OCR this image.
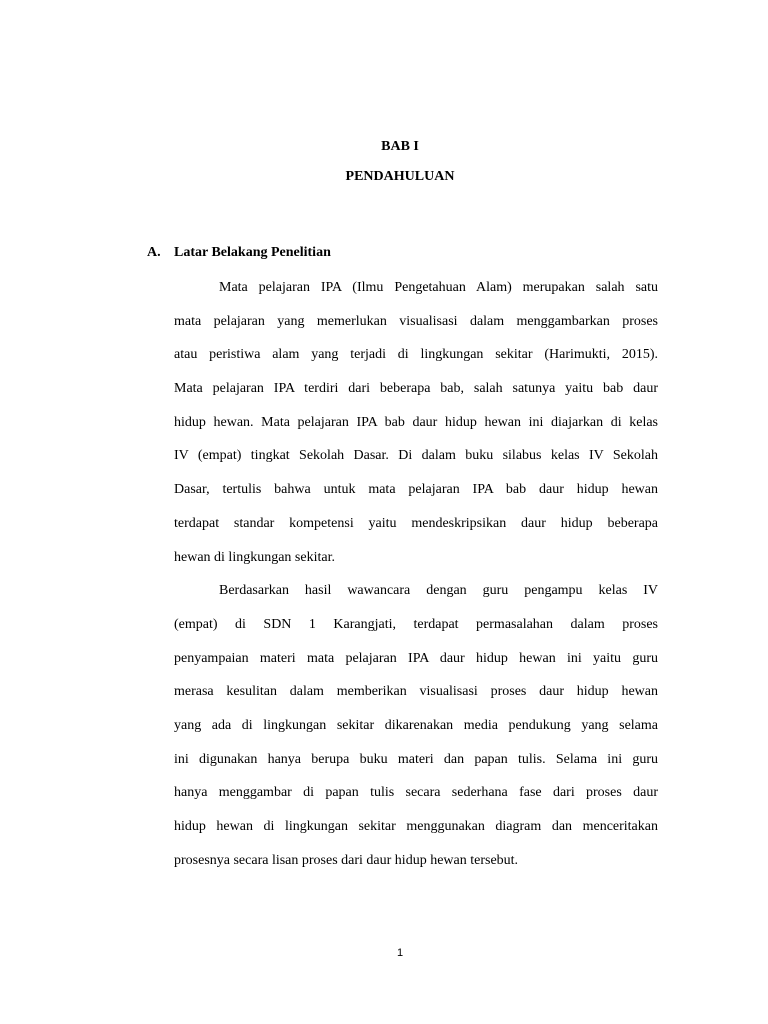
BAB I
PENDAHULUAN
A. Latar Belakang Penelitian
Mata pelajaran IPA (Ilmu Pengetahuan Alam) merupakan salah satu
mata pelajaran yang memerlukan visualisasi dalam menggambarkan proses
atau peristiwa alam yang terjadi di lingkungan sekitar (Harimukti, 2015).
Mata pelajaran IPA terdiri dari beberapa bab, salah satunya yaitu bab daur
hidup hewan. Mata pelajaran IPA bab daur hidup hewan ini diajarkan di kelas
IV (empat) tingkat Sekolah Dasar. Di dalam buku silabus kelas IV Sekolah
Dasar, tertulis bahwa untuk mata pelajaran IPA bab daur hidup hewan
terdapat standar kompetensi yaitu mendeskripsikan daur hidup beberapa
hewan di lingkungan sekitar.
Berdasarkan hasil wawancara dengan guru pengampu kelas IV
(empat) di SDN 1 Karangjati, terdapat permasalahan dalam proses
penyampaian materi mata pelajaran IPA daur hidup hewan ini yaitu guru
merasa kesulitan dalam memberikan visualisasi proses daur hidup hewan
yang ada di lingkungan sekitar dikarenakan media pendukung yang selama
ini digunakan hanya berupa buku materi dan papan tulis. Selama ini guru
hanya menggambar di papan tulis secara sederhana fase dari proses daur
hidup hewan di lingkungan sekitar menggunakan diagram dan menceritakan
prosesnya secara lisan proses dari daur hidup hewan tersebut.
1
